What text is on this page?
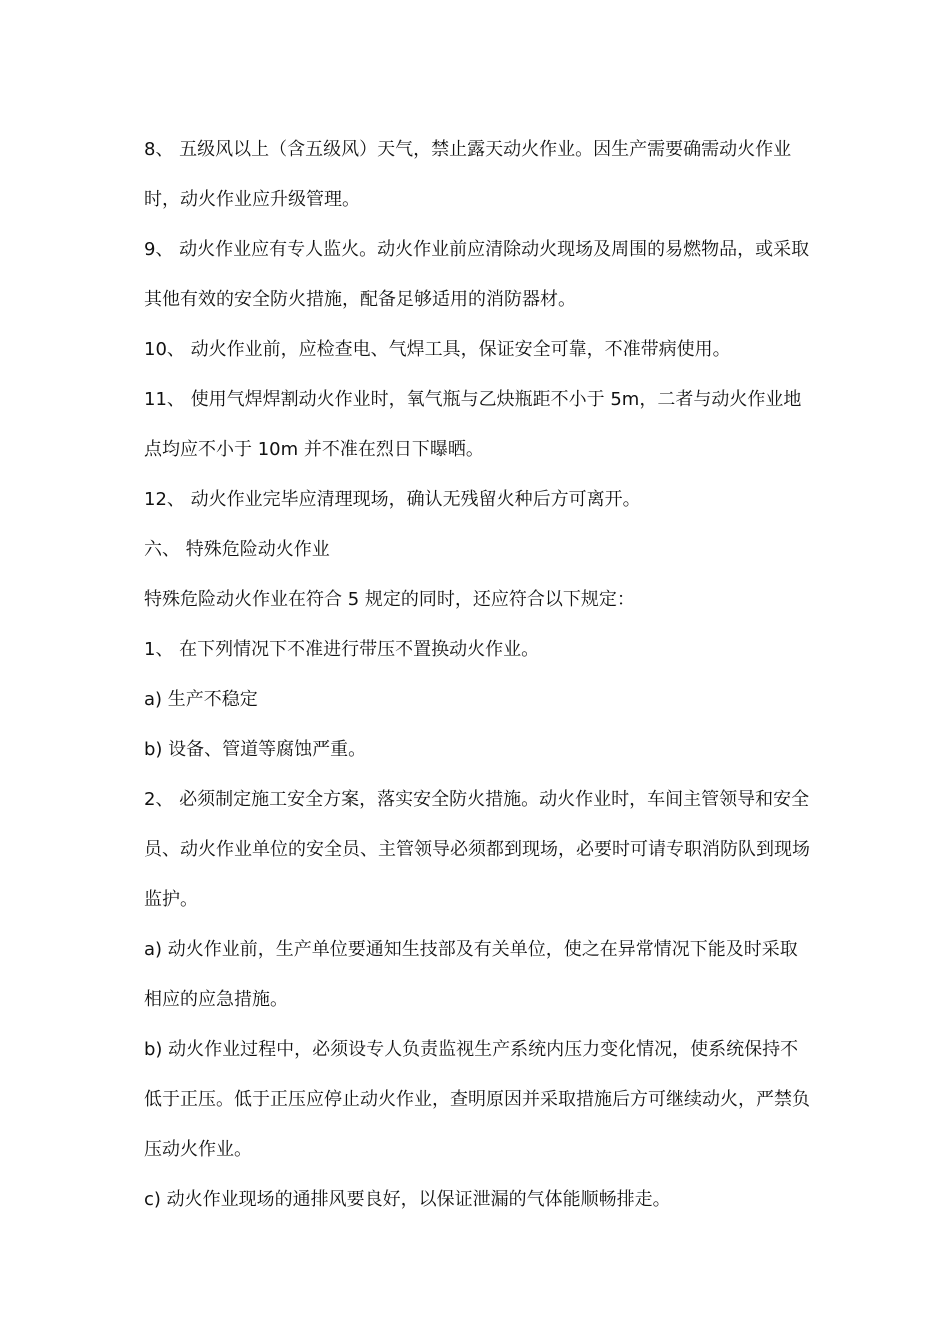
8、 五级风以上（含五级风）天气，禁止露天动火作业。因生产需要确需动火作业时，动火作业应升级管理。

9、 动火作业应有专人监火。动火作业前应清除动火现场及周围的易燃物品，或采取其他有效的安全防火措施，配备足够适用的消防器材。

10、 动火作业前，应检查电、气焊工具，保证安全可靠，不准带病使用。

11、 使用气焊焊割动火作业时，氧气瓶与乙炔瓶距不小于 5m，二者与动火作业地点均应不小于 10m 并不准在烈日下曝晒。

12、 动火作业完毕应清理现场，确认无残留火种后方可离开。

六、 特殊危险动火作业

特殊危险动火作业在符合 5 规定的同时，还应符合以下规定：

1、 在下列情况下不准进行带压不置换动火作业。

a) 生产不稳定

b) 设备、管道等腐蚀严重。

2、 必须制定施工安全方案，落实安全防火措施。动火作业时，车间主管领导和安全员、动火作业单位的安全员、主管领导必须都到现场，必要时可请专职消防队到现场监护。

a) 动火作业前，生产单位要通知生技部及有关单位，使之在异常情况下能及时采取相应的应急措施。

b) 动火作业过程中，必须设专人负责监视生产系统内压力变化情况，使系统保持不低于正压。低于正压应停止动火作业，查明原因并采取措施后方可继续动火，严禁负压动火作业。

c) 动火作业现场的通排风要良好，以保证泄漏的气体能顺畅排走。
